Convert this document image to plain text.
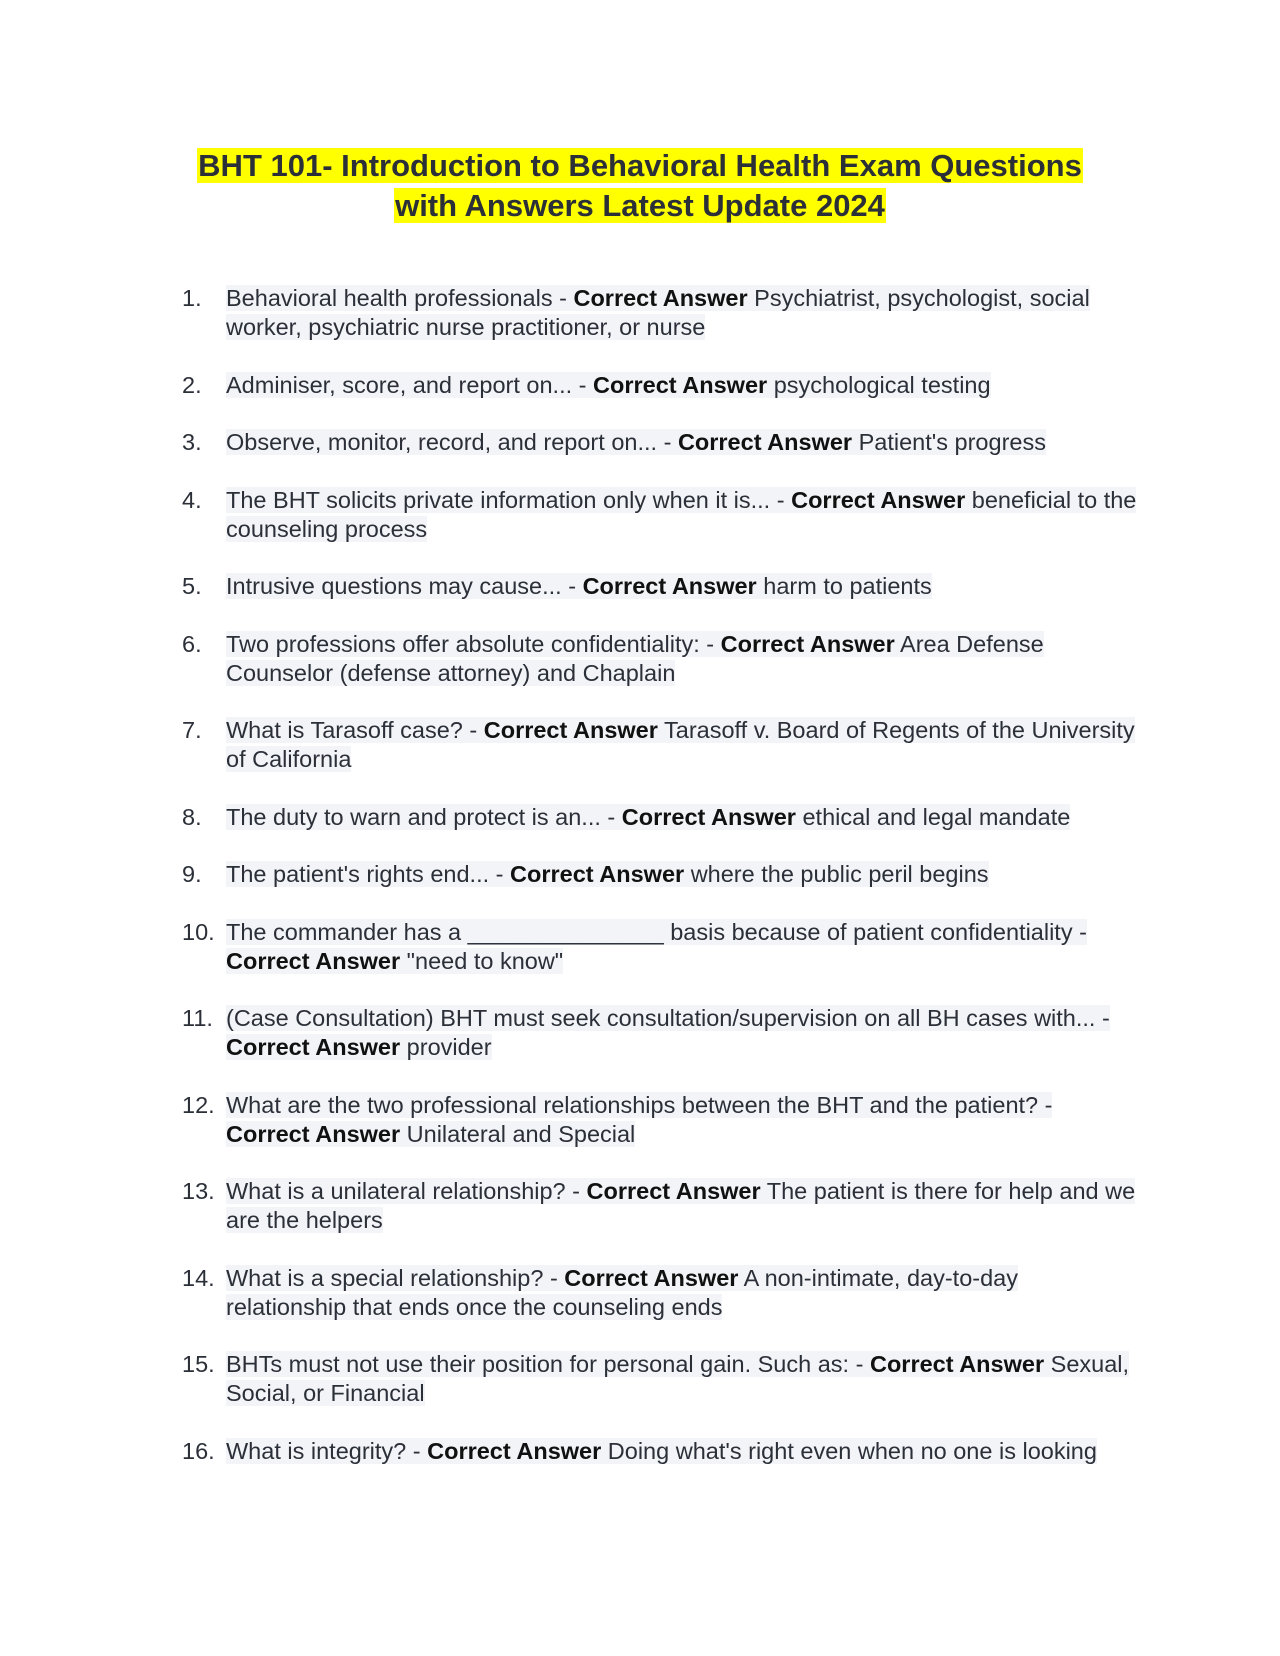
BHT 101- Introduction to Behavioral Health Exam Questions
with Answers Latest Update 2024
1.	Behavioral health professionals - Correct Answer Psychiatrist, psychologist, social worker, psychiatric nurse practitioner, or nurse
2.	Adminiser, score, and report on... - Correct Answer psychological testing
3.	Observe, monitor, record, and report on... - Correct Answer Patient's progress
4.	The BHT solicits private information only when it is... - Correct Answer beneficial to the counseling process
5.	Intrusive questions may cause... - Correct Answer harm to patients
6.	Two professions offer absolute confidentiality: - Correct Answer Area Defense Counselor (defense attorney) and Chaplain
7.	What is Tarasoff case? - Correct Answer Tarasoff v. Board of Regents of the University of California
8.	The duty to warn and protect is an... - Correct Answer ethical and legal mandate
9.	The patient's rights end... - Correct Answer where the public peril begins
10. The commander has a _______________ basis because of patient confidentiality - Correct Answer "need to know"
11. (Case Consultation) BHT must seek consultation/supervision on all BH cases with... - Correct Answer provider
12. What are the two professional relationships between the BHT and the patient? - Correct Answer Unilateral and Special
13. What is a unilateral relationship? - Correct Answer The patient is there for help and we are the helpers
14. What is a special relationship? - Correct Answer A non-intimate, day-to-day relationship that ends once the counseling ends
15. BHTs must not use their position for personal gain. Such as: - Correct Answer Sexual, Social, or Financial
16. What is integrity? - Correct Answer Doing what's right even when no one is looking
